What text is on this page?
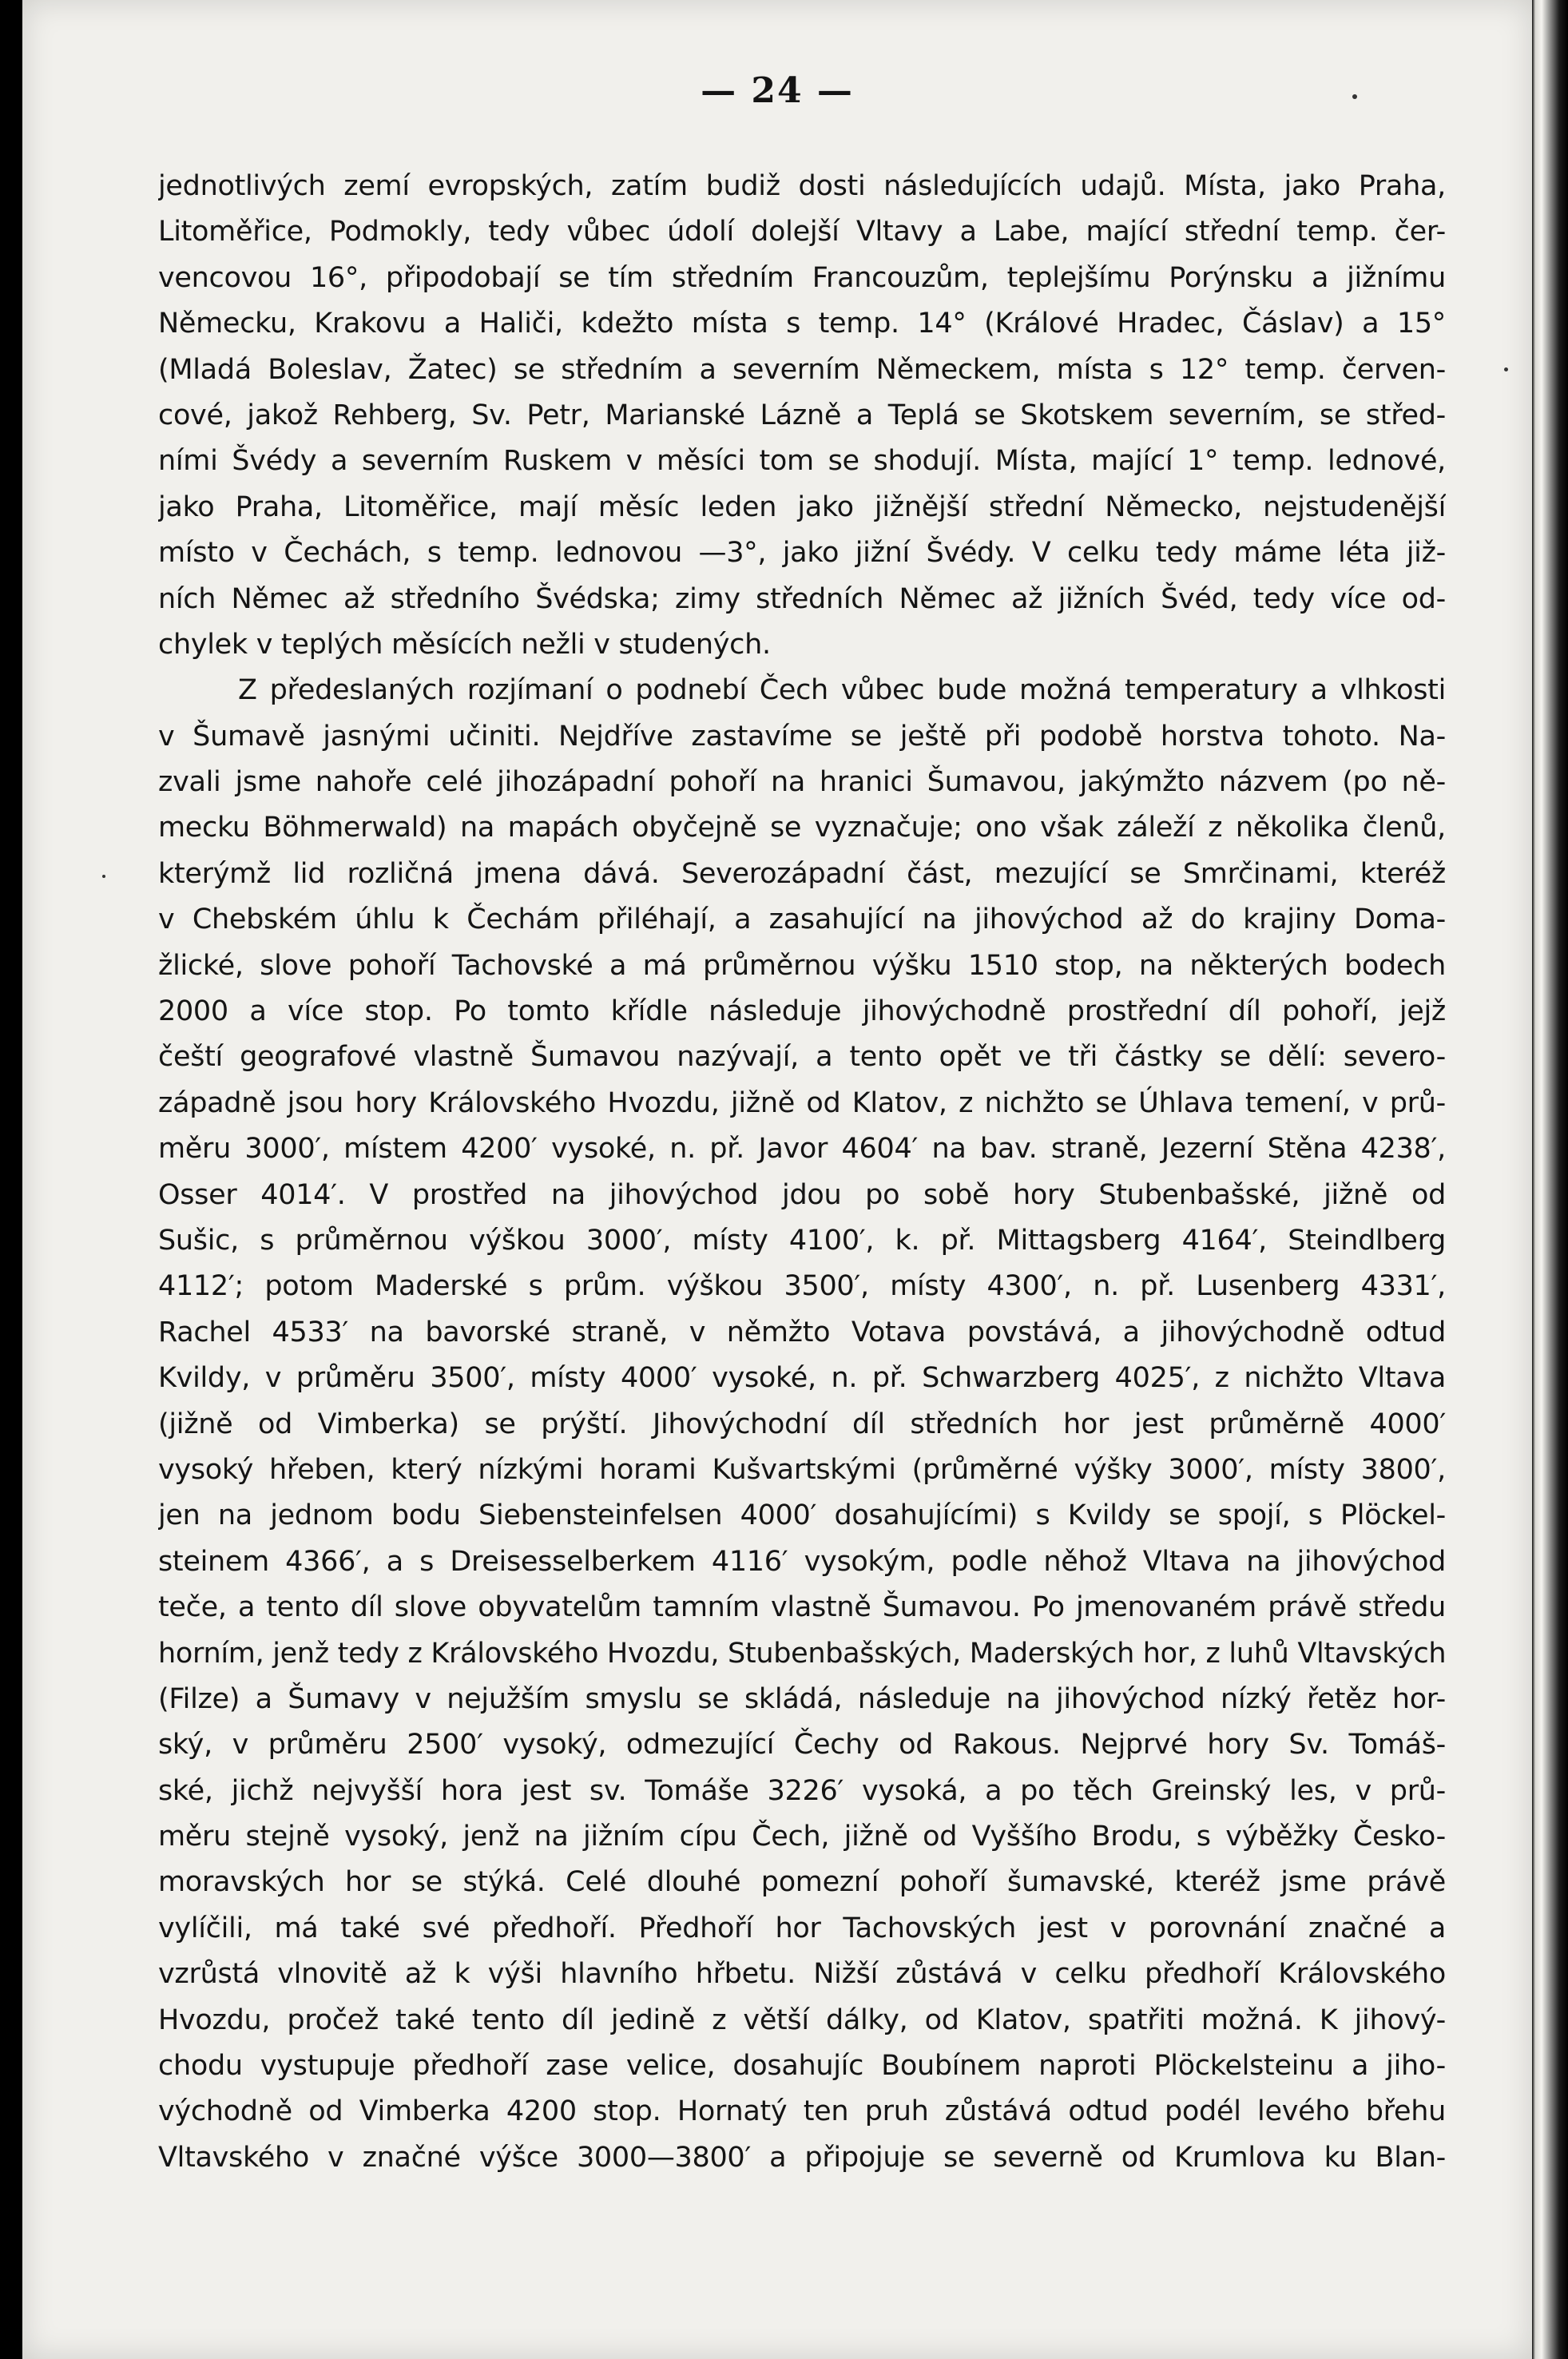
— 24 —
jednotlivých zemí evropských, zatím budiž dosti následujících udajů. Místa, jako Praha,
Litoměřice, Podmokly, tedy vůbec údolí dolejší Vltavy a Labe, mající střední temp. čer-
vencovou 16°, připodobají se tím středním Francouzům, teplejšímu Porýnsku a jižnímu
Německu, Krakovu a Haliči, kdežto místa s temp. 14° (Králové Hradec, Čáslav) a 15°
(Mladá Boleslav, Žatec) se středním a severním Německem, místa s 12° temp. červen-
cové, jakož Rehberg, Sv. Petr, Marianské Lázně a Teplá se Skotskem severním, se střed-
ními Švédy a severním Ruskem v měsíci tom se shodují. Místa, mající 1° temp. lednové,
jako Praha, Litoměřice, mají měsíc leden jako jižnější střední Německo, nejstudenější
místo v Čechách, s temp. lednovou —3°, jako jižní Švédy. V celku tedy máme léta již-
ních Němec až středního Švédska; zimy středních Němec až jižních Švéd, tedy více od-
chylek v teplých měsících nežli v studených.
Z předeslaných rozjímaní o podnebí Čech vůbec bude možná temperatury a vlhkosti
v Šumavě jasnými učiniti. Nejdříve zastavíme se ještě při podobě horstva tohoto. Na-
zvali jsme nahoře celé jihozápadní pohoří na hranici Šumavou, jakýmžto názvem (po ně-
mecku Böhmerwald) na mapách obyčejně se vyznačuje; ono však záleží z několika členů,
kterýmž lid rozličná jmena dává. Severozápadní část, mezující se Smrčinami, kteréž
v Chebském úhlu k Čechám přiléhají, a zasahující na jihovýchod až do krajiny Doma-
žlické, slove pohoří Tachovské a má průměrnou výšku 1510 stop, na některých bodech
2000 a více stop. Po tomto křídle následuje jihovýchodně prostřední díl pohoří, jejž
čeští geografové vlastně Šumavou nazývají, a tento opět ve tři částky se dělí: severo-
západně jsou hory Královského Hvozdu, jižně od Klatov, z nichžto se Úhlava temení, v prů-
měru 3000′, místem 4200′ vysoké, n. př. Javor 4604′ na bav. straně, Jezerní Stěna 4238′,
Osser 4014′. V prostřed na jihovýchod jdou po sobě hory Stubenbašské, jižně od
Sušic, s průměrnou výškou 3000′, místy 4100′, k. př. Mittagsberg 4164′, Steindlberg
4112′; potom Maderské s prům. výškou 3500′, místy 4300′, n. př. Lusenberg 4331′,
Rachel 4533′ na bavorské straně, v němžto Votava povstává, a jihovýchodně odtud
Kvildy, v průměru 3500′, místy 4000′ vysoké, n. př. Schwarzberg 4025′, z nichžto Vltava
(jižně od Vimberka) se prýští. Jihovýchodní díl středních hor jest průměrně 4000′
vysoký hřeben, který nízkými horami Kušvartskými (průměrné výšky 3000′, místy 3800′,
jen na jednom bodu Siebensteinfelsen 4000′ dosahujícími) s Kvildy se spojí, s Plöckel-
steinem 4366′, a s Dreisesselberkem 4116′ vysokým, podle něhož Vltava na jihovýchod
teče, a tento díl slove obyvatelům tamním vlastně Šumavou. Po jmenovaném právě středu
horním, jenž tedy z Královského Hvozdu, Stubenbašských, Maderských hor, z luhů Vltavských
(Filze) a Šumavy v nejužším smyslu se skládá, následuje na jihovýchod nízký řetěz hor-
ský, v průměru 2500′ vysoký, odmezující Čechy od Rakous. Nejprvé hory Sv. Tomáš-
ské, jichž nejvyšší hora jest sv. Tomáše 3226′ vysoká, a po těch Greinský les, v prů-
měru stejně vysoký, jenž na jižním cípu Čech, jižně od Vyššího Brodu, s výběžky Česko-
moravských hor se stýká. Celé dlouhé pomezní pohoří šumavské, kteréž jsme právě
vylíčili, má také své předhoří. Předhoří hor Tachovských jest v porovnání značné a
vzrůstá vlnovitě až k výši hlavního hřbetu. Nižší zůstává v celku předhoří Královského
Hvozdu, pročež také tento díl jedině z větší dálky, od Klatov, spatřiti možná. K jihový-
chodu vystupuje předhoří zase velice, dosahujíc Boubínem naproti Plöckelsteinu a jiho-
východně od Vimberka 4200 stop. Hornatý ten pruh zůstává odtud podél levého břehu
Vltavského v značné výšce 3000—3800′ a připojuje se severně od Krumlova ku Blan-
